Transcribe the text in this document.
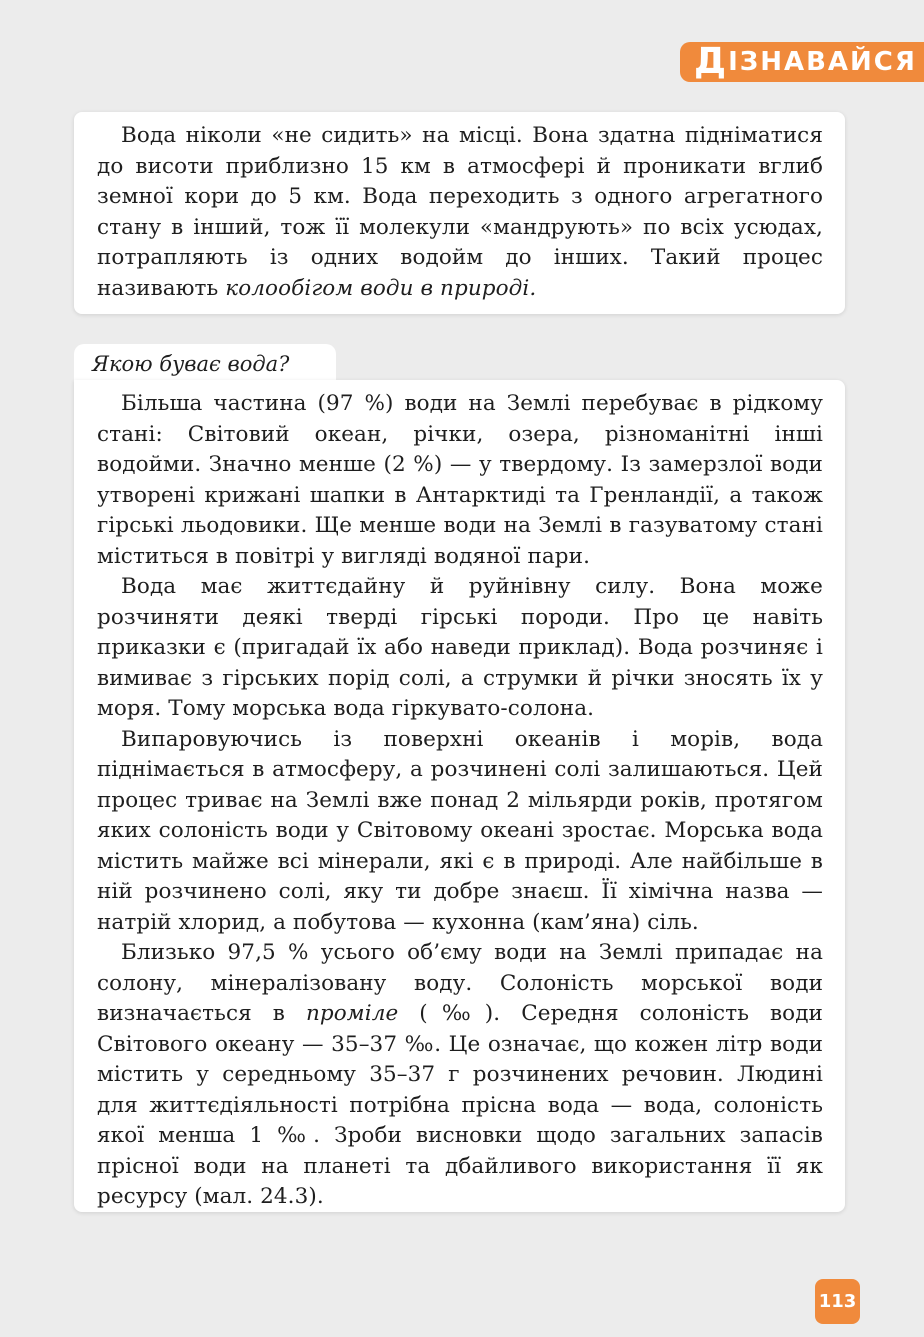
Д ІЗНАВАЙСЯ

Вода ніколи «не сидить» на місці. Вона здатна підніматися до висоти приблизно 15 км в атмосфері й проникати вглиб земної кори до 5 км. Вода переходить з одного агрегатного стану в інший, тож її молекули «мандрують» по всіх усюдах, потрапляють із одних водойм до інших. Такий процес називають колообігом води в природі.

Якою буває вода?

Більша частина (97 %) води на Землі перебуває в рідкому стані: Світовий океан, річки, озера, різноманітні інші водойми. Значно менше (2 %) — у твердому. Із замерзлої води утворені крижані шапки в Антарктиді та Гренландії, а також гірські льодовики. Ще менше води на Землі в газуватому стані міститься в повітрі у вигляді водяної пари.

Вода має життєдайну й руйнівну силу. Вона може розчиняти деякі тверді гірські породи. Про це навіть приказки є (пригадай їх або наведи приклад). Вода розчиняє і вимиває з гірських порід солі, а струмки й річки зносять їх у моря. Тому морська вода гіркувато-солона.

Випаровуючись із поверхні океанів і морів, вода піднімається в атмосферу, а розчинені солі залишаються. Цей процес триває на Землі вже понад 2 мільярди років, протягом яких солоність води у Світовому океані зростає. Морська вода містить майже всі мінерали, які є в природі. Але найбільше в ній розчинено солі, яку ти добре знаєш. Її хімічна назва — натрій хлорид, а побутова — кухонна (кам’яна) сіль.

Близько 97,5 % усього об’єму води на Землі припадає на солону, мінералізовану воду. Солоність морської води визначається в проміле (‰). Середня солоність води Світового океану — 35–37 ‰. Це означає, що кожен літр води містить у середньому 35–37 г розчинених речовин. Людині для життєдіяльності потрібна прісна вода — вода, солоність якої менша 1 ‰. Зроби висновки щодо загальних запасів прісної води на планеті та дбайливого використання її як ресурсу (мал. 24.3).

113
